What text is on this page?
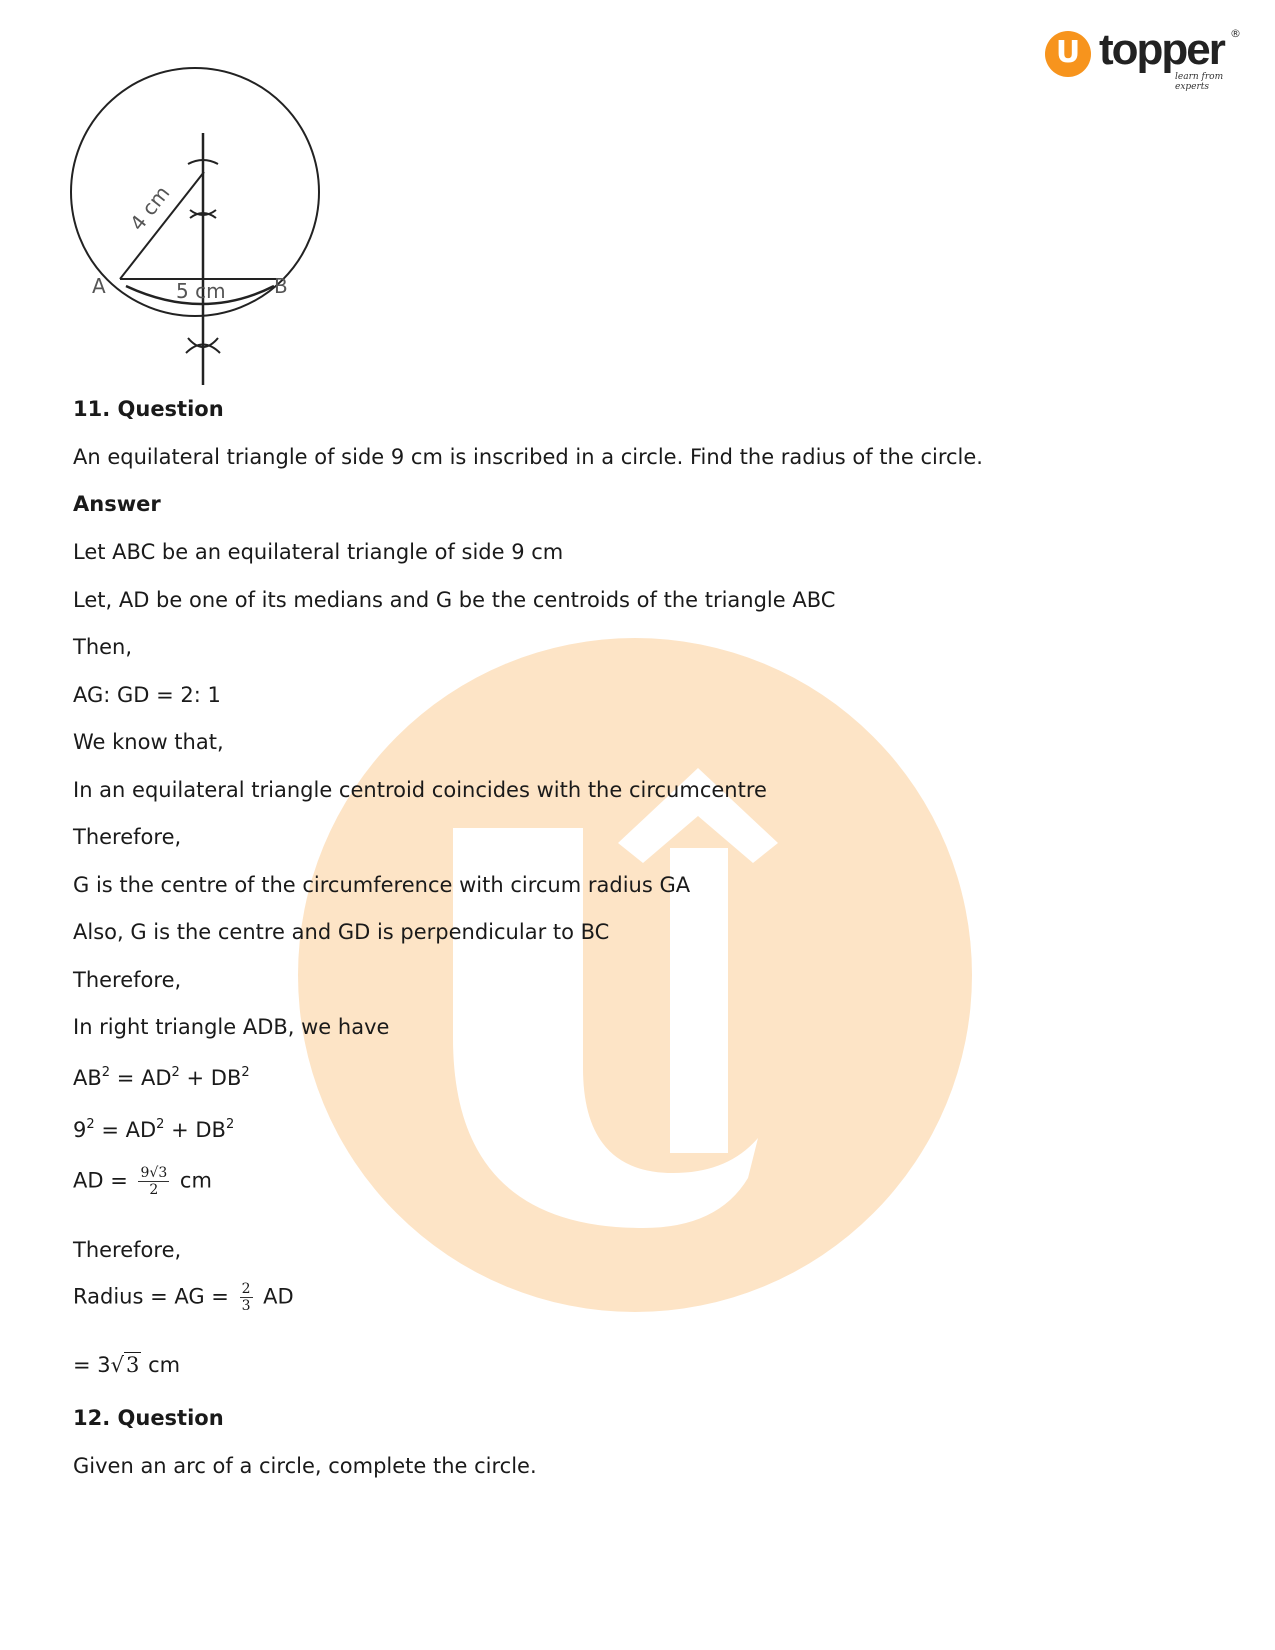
U topper ®
learn from experts
A	B
5 cm
4 cm
11. Question
An equilateral triangle of side 9 cm is inscribed in a circle. Find the radius of the circle.
Answer
Let ABC be an equilateral triangle of side 9 cm
Let, AD be one of its medians and G be the centroids of the triangle ABC
Then,
AG: GD = 2: 1
We know that,
In an equilateral triangle centroid coincides with the circumcentre
Therefore,
G is the centre of the circumference with circum radius GA
Also, G is the centre and GD is perpendicular to BC
Therefore,
In right triangle ADB, we have
$AB^2 = AD^2 + DB^2$
$9^2 = AD^2 + DB^2$
AD = $\frac{9√3}{2}$ cm
Therefore,
Radius = AG = $\frac{2}{3}$ AD
= 3√3 cm
12. Question
Given an arc of a circle, complete the circle.
